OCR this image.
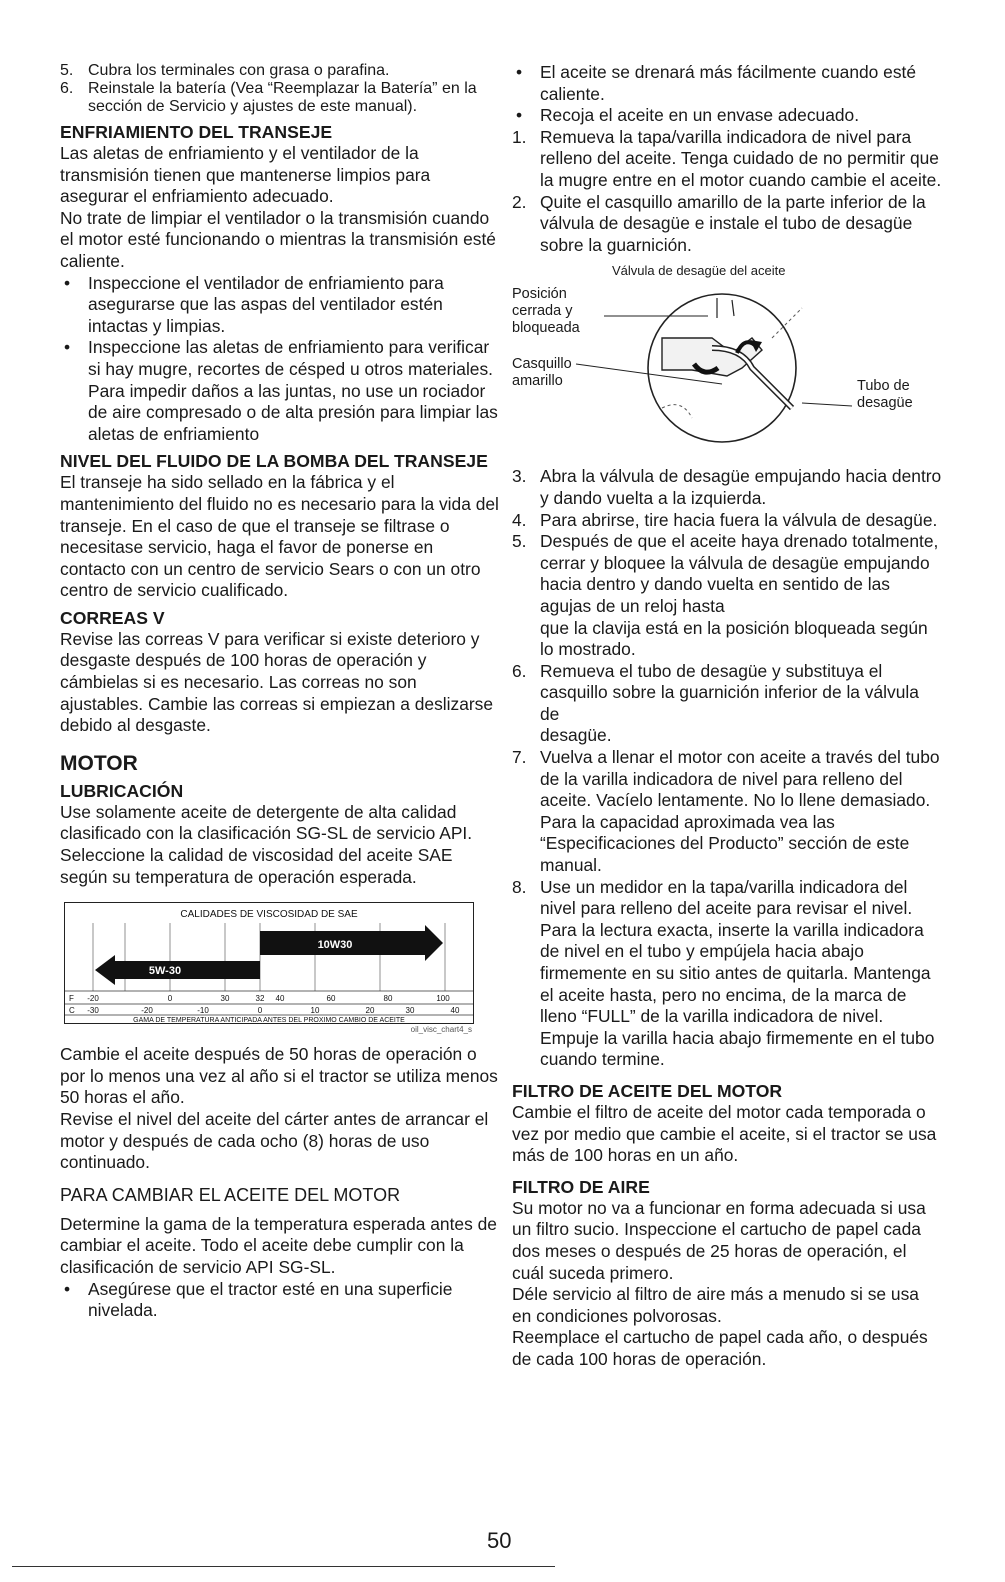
5. Cubra los terminales con grasa o parafina.
6. Reinstale la batería (Vea “Reemplazar la Batería” en la sección de Servicio y ajustes de este manual).

ENFRIAMIENTO DEL TRANSEJE

Las aletas de enfriamiento y el ventilador de la transmisión tienen que mantenerse limpios para asegurar el enfriamiento adecuado.

No trate de limpiar el ventilador o la transmisión cuando el motor esté funcionando o mientras la transmisión esté caliente.

•	Inspeccione el ventilador de enfriamiento para asegurarse que las aspas del ventilador estén intactas y limpias.
•	Inspeccione las aletas de enfriamiento para verificar si hay mugre, recortes de césped u otros materiales. Para impedir daños a las juntas, no use un rociador de aire compresado o de alta presión para limpiar las aletas de enfriamiento

NIVEL DEL FLUIDO DE LA BOMBA DEL TRANSEJE

El transeje ha sido sellado en la fábrica y el mantenimiento del fluido no es necesario para la vida del transeje. En el caso de que el transeje se filtrase o necesitase servicio, haga el favor de ponerse en contacto con un centro de servicio Sears o con un otro centro de servicio cualificado.

CORREAS V

Revise las correas V para verificar si existe deterioro y desgaste después de 100 horas de operación y cámbielas si es necesario. Las correas no son ajustables. Cambie las correas si empiezan a deslizarse debido al desgaste.

MOTOR

LUBRICACIÓN

Use solamente aceite de detergente de alta calidad clasificado con la clasificación SG-SL de servicio API. Seleccione la calidad de viscosidad del aceite SAE según su temperatura de operación esperada.

CALIDADES DE VISCOSIDAD DE SAE
10W30
5W-30
F -20	0	30	32 40	60	80	100
C -30	-20	-10	0	10	20	30	40
GAMA DE TEMPERATURA ANTICIPADA ANTES DEL PROXIMO CAMBIO DE ACEITE

oil_visc_chart4_s

Cambie el aceite después de 50 horas de operación o por lo menos una vez al año si el tractor se utiliza menos 50 horas el año.

Revise el nivel del aceite del cárter antes de arrancar el motor y después de cada ocho (8) horas de uso continuado.

PARA CAMBIAR EL ACEITE DEL MOTOR

Determine la gama de la temperatura esperada antes de cambiar el aceite. Todo el aceite debe cumplir con la clasificación de servicio API SG-SL.

•	Asegúrese que el tractor esté en una superficie nivelada.
•	El aceite se drenará más fácilmente cuando esté caliente.
•	Recoja el aceite en un envase adecuado.
1. Remueva la tapa/varilla indicadora de nivel para relleno del aceite. Tenga cuidado de no permitir que la mugre entre en el motor cuando cambie el aceite.
2. Quite el casquillo amarillo de la parte inferior de la válvula de desagüe e instale el tubo de desagüe sobre la guarnición.
Válvula de desagüe del aceite
Posición cerrada y bloqueada
Casquillo amarillo	Tubo de desagüe
3. Abra la válvula de desagüe empujando hacia dentro y dando vuelta a la izquierda.
4. Para abrirse, tire hacia fuera la válvula de desagüe.
5. Después de que el aceite haya drenado totalmente, cerrar y bloquee la válvula de desagüe empujando hacia dentro y dando vuelta en sentido de las agujas de un reloj hasta
que la clavija está en la posición bloqueada según lo mostrado.
6. Remueva el tubo de desagüe y substituya el casquillo sobre la guarnición inferior de la válvula de
desagüe.
7. Vuelva a llenar el motor con aceite a través del tubo de la varilla indicadora de nivel para relleno del aceite. Vacíelo lentamente. No lo llene demasiado. Para la capacidad aproximada vea las “Especificaciones del Producto” sección de este manual.
8. Use un medidor en la tapa/varilla indicadora del nivel para relleno del aceite para revisar el nivel. Para la lectura exacta, inserte la varilla indicadora de nivel en el tubo y empújela hacia abajo firmemente en su sitio antes de quitarla. Mantenga el aceite hasta, pero no encima, de la marca de lleno “FULL” de la varilla indicadora de nivel. Empuje la varilla hacia abajo firmemente en el tubo cuando termine.

FILTRO DE ACEITE DEL MOTOR

Cambie el filtro de aceite del motor cada temporada o vez por medio que cambie el aceite, si el tractor se usa más de 100 horas en un año.

FILTRO DE AIRE

Su motor no va a funcionar en forma adecuada si usa un filtro sucio. Inspeccione el cartucho de papel cada dos meses o después de 25 horas de operación, el cuál suceda primero.

Déle servicio al filtro de aire más a menudo si se usa en condiciones polvorosas.

Reemplace el cartucho de papel cada año, o después de cada 100 horas de operación.

50
